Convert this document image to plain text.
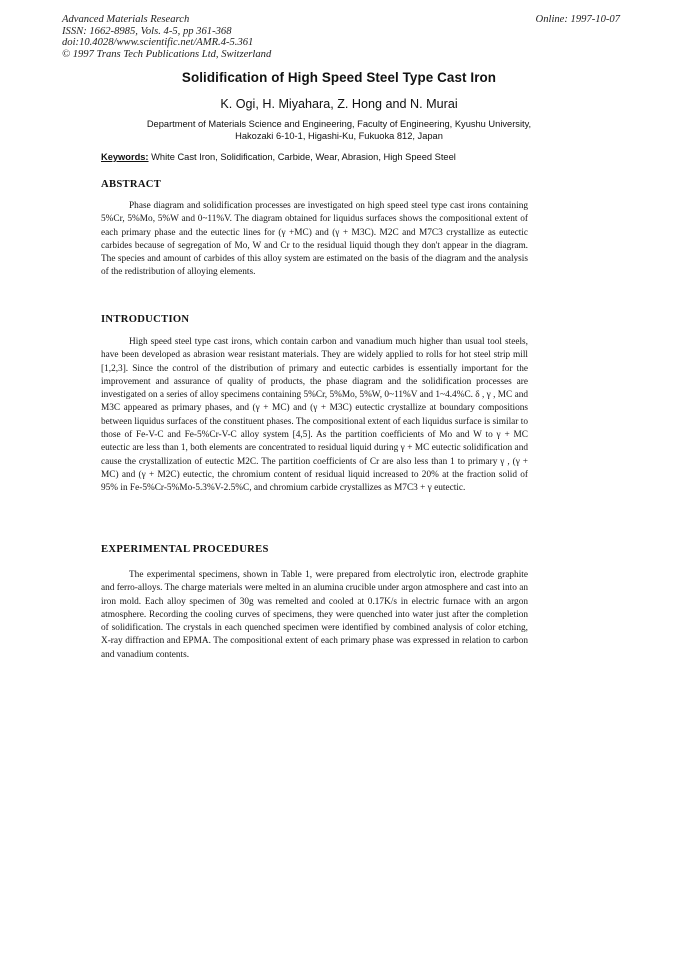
Advanced Materials Research
ISSN: 1662-8985, Vols. 4-5, pp 361-368
doi:10.4028/www.scientific.net/AMR.4-5.361
© 1997 Trans Tech Publications Ltd, Switzerland
Online: 1997-10-07
Solidification of High Speed Steel Type Cast Iron
K. Ogi, H. Miyahara, Z. Hong and N. Murai
Department of Materials Science and Engineering, Faculty of Engineering, Kyushu University,
Hakozaki 6-10-1, Higashi-Ku, Fukuoka 812, Japan
Keywords: White Cast Iron, Solidification, Carbide, Wear, Abrasion, High Speed Steel
ABSTRACT
Phase diagram and solidification processes are investigated on high speed steel type cast irons containing 5%Cr, 5%Mo, 5%W and 0~11%V. The diagram obtained for liquidus surfaces shows the compositional extent of each primary phase and the eutectic lines for (γ +MC) and (γ + M3C). M2C and M7C3 crystallize as eutectic carbides because of segregation of Mo, W and Cr to the residual liquid though they don't appear in the diagram. The species and amount of carbides of this alloy system are estimated on the basis of the diagram and the analysis of the redistribution of alloying elements.
INTRODUCTION
High speed steel type cast irons, which contain carbon and vanadium much higher than usual tool steels, have been developed as abrasion wear resistant materials. They are widely applied to rolls for hot steel strip mill [1,2,3]. Since the control of the distribution of primary and eutectic carbides is essentially important for the improvement and assurance of quality of products, the phase diagram and the solidification processes are investigated on a series of alloy specimens containing 5%Cr, 5%Mo, 5%W, 0~11%V and 1~4.4%C. δ , γ , MC and M3C appeared as primary phases, and (γ + MC) and (γ + M3C) eutectic crystallize at boundary compositions between liquidus surfaces of the constituent phases. The compositional extent of each liquidus surface is similar to those of Fe-V-C and Fe-5%Cr-V-C alloy system [4,5]. As the partition coefficients of Mo and W to γ + MC eutectic are less than 1, both elements are concentrated to residual liquid during γ + MC eutectic solidification and cause the crystallization of eutectic M2C. The partition coefficients of Cr are also less than 1 to primary γ , (γ + MC) and (γ + M2C) eutectic, the chromium content of residual liquid increased to 20% at the fraction solid of 95% in Fe-5%Cr-5%Mo-5.3%V-2.5%C, and chromium carbide crystallizes as M7C3 + γ eutectic.
EXPERIMENTAL PROCEDURES
The experimental specimens, shown in Table 1, were prepared from electrolytic iron, electrode graphite and ferro-alloys. The charge materials were melted in an alumina crucible under argon atmosphere and cast into an iron mold. Each alloy specimen of 30g was remelted and cooled at 0.17K/s in electric furnace with an argon atmosphere. Recording the cooling curves of specimens, they were quenched into water just after the completion of solidification. The crystals in each quenched specimen were identified by combined analysis of color etching, X-ray diffraction and EPMA. The compositional extent of each primary phase was expressed in relation to carbon and vanadium contents.
